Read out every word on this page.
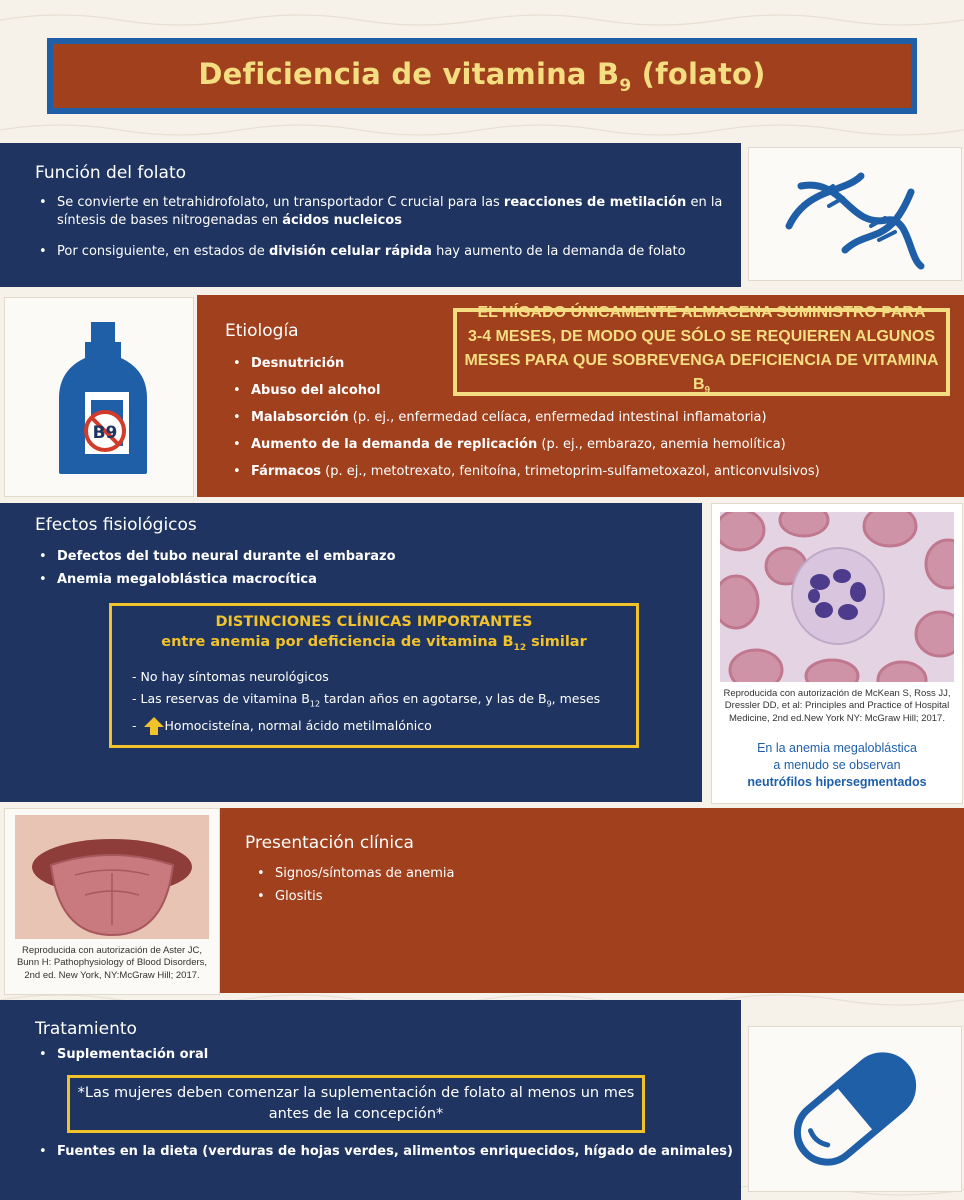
Deficiencia de vitamina $B_9$ (folato)
Función del folato
• Se convierte en tetrahidrofolato, un transportador C crucial para las reacciones de metilación en la síntesis de bases nitrogenadas en ácidos nucleicos
• Por consiguiente, en estados de división celular rápida hay aumento de la demanda de folato
B9
Etiología
• Desnutrición
• Abuso del alcohol
• Malabsorción (p. ej., enfermedad celíaca, enfermedad intestinal inflamatoria)
• Aumento de la demanda de replicación (p. ej., embarazo, anemia hemolítica)
• Fármacos (p. ej., metotrexato, fenitoína, trimetoprim-sulfametoxazol, anticonvulsivos)
EL HÍGADO ÚNICAMENTE ALMACENA SUMINISTRO PARA
3-4 MESES, DE MODO QUE SÓLO SE REQUIEREN ALGUNOS
MESES PARA QUE SOBREVENGA DEFICIENCIA DE VITAMINA $B_9$
Efectos fisiológicos
• Defectos del tubo neural durante el embarazo
• Anemia megaloblástica macrocítica
DISTINCIONES CLÍNICAS IMPORTANTES
entre anemia por deficiencia de vitamina $B_{12}$ similar
- No hay síntomas neurológicos
- Las reservas de vitamina $B_{12}$ tardan años en agotarse, y las de $B_9$, meses
- Homocisteína, normal ácido metilmalónico
Reproducida con autorización de McKean S, Ross JJ, Dressler DD, et al: Principles and Practice of Hospital Medicine, 2nd ed.New York NY: McGraw Hill; 2017.
En la anemia megaloblástica
a menudo se observan
neutrófilos hipersegmentados
Reproducida con autorización de Aster JC, Bunn H: Pathophysiology of Blood Disorders, 2nd ed. New York, NY:McGraw Hill; 2017.
Presentación clínica
• Signos/síntomas de anemia
• Glositis
Tratamiento
• Suplementación oral
*Las mujeres deben comenzar la suplementación de folato al menos un mes antes de la concepción*
• Fuentes en la dieta (verduras de hojas verdes, alimentos enriquecidos, hígado de animales)
